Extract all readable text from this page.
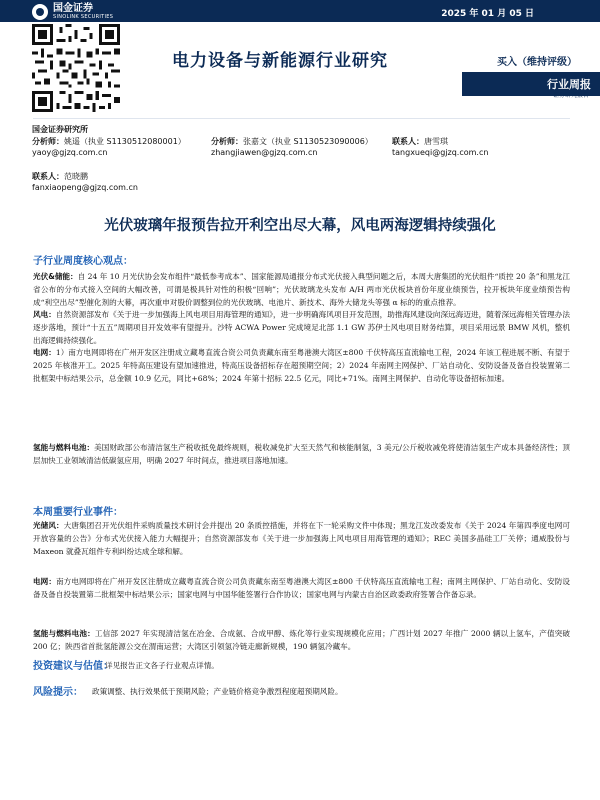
国金证券
SINOLINK SECURITIES	2025 年 01 月 05 日
电力设备与新能源行业研究	买入（维持评级）
行业周报
证券研究报告
国金证券研究所
分析师：姚遥（执业 S1130512080001）
yaoy@gjzq.com.cn
分析师：张嘉文（执业 S1130523090006）
zhangjiawen@gjzq.com.cn
联系人：唐雪琪
tangxueqi@gjzq.com.cn
联系人：范晓鹏
fanxiaopeng@gjzq.com.cn
光伏玻璃年报预告拉开利空出尽大幕，风电两海逻辑持续强化
子行业周度核心观点：
光伏&储能：自 24 年 10 月光伏协会发布组件“最低参考成本”、国家能源局通报分布式光伏接入典型问题之后，本周大唐集团的光伏组件“质控 20 条”和黑龙江省公布的分布式接入空间的大幅改善，可谓是极具针对性的积极“回响”；光伏玻璃龙头发布 A/H 两市光伏板块首份年度业绩预告，拉开板块年度业绩预告构成“利空出尽”型催化剂的大幕，再次重申对股价调整到位的光伏玻璃、电池片、新技术、海外大储龙头等强 α 标的的重点推荐。
风电：自然资源部发布《关于进一步加强海上风电项目用海管理的通知》，进一步明确海风项目开发范围，助推海风建设向深远海迈进，随着深远海相关管理办法逐步落地，预计“十五五”周期项目开发效率有望提升。沙特 ACWA Power 完成境足北部 1.1 GW 苏伊士风电项目财务结算，项目采用远景 BMW 风机，整机出海逻辑持续强化。
电网：1）南方电网即将在广州开发区注册成立藏粤直流合资公司负责藏东南至粤港澳大湾区±800 千伏特高压直流输电工程，2024 年该工程进展不断、有望于 2025 年核准开工。2025 年特高压建设有望加速推进，特高压设备招标存在超预期空间；2）2024 年南网主网保护、厂站自动化、安防设备及备自投装置第二批框架中标结果公示，总金额 10.9 亿元，同比+68%；2024 年第十招标 22.5 亿元，同比+71%。南网主网保护、自动化等设备招标加速。
氢能与燃料电池：美国财政部公布清洁氢生产税收抵免最终规则，税收减免扩大至天然气和核能制氢，3 美元/公斤税收减免将使清洁氢生产成本具备经济性；顶层加快工业领域清洁低碳氢应用，明确 2027 年时间点，推进项目落地加速。
本周重要行业事件：
光储风：大唐集团召开光伏组件采购质量技术研讨会并提出 20 条质控措施，并将在下一轮采购文件中体现；黑龙江发改委发布《关于 2024 年第四季度电网可开放容量的公告》分布式光伏接入能力大幅提升；自然资源部发布《关于进一步加强海上风电项目用海管理的通知》；REC 美国多晶硅工厂关停；通威股份与 Maxeon 就叠瓦组件专利纠纷达成全球和解。
电网：南方电网即将在广州开发区注册成立藏粤直流合资公司负责藏东南至粤港澳大湾区±800 千伏特高压直流输电工程；南网主网保护、厂站自动化、安防设备及备自投装置第二批框架中标结果公示；国家电网与中国华能签署行合作协议；国家电网与内蒙古自治区政委政府签署合作备忘录。
氢能与燃料电池：工信部 2027 年实现清洁氢在冶金、合成氨、合成甲醇、炼化等行业实现规模化应用；广西计划 2027 年推广 2000 辆以上氢车，产值突破 200 亿；陕西省首批氢能源公交在渭南运营；大湾区引领氢冷链走廊新规模，190 辆氢冷藏车。
投资建议与估值：
详见报告正文各子行业观点详情。
风险提示： 政策调整、执行效果低于预期风险；产业链价格竞争激烈程度超预期风险。
